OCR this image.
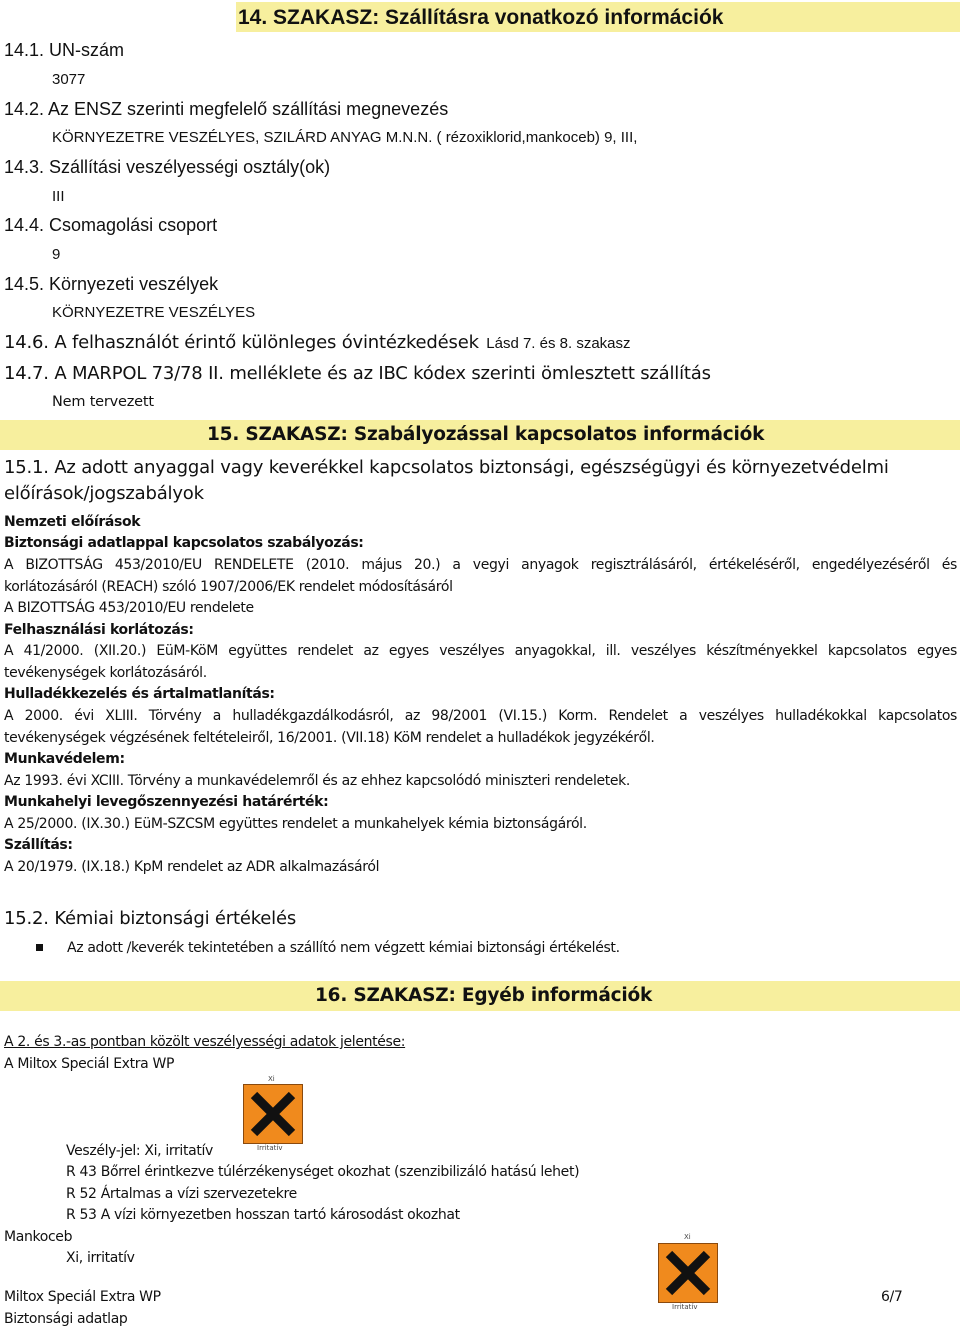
14. SZAKASZ: Szállításra vonatkozó információk
14.1. UN-szám
3077
14.2. Az ENSZ szerinti megfelelő szállítási megnevezés
KÖRNYEZETRE VESZÉLYES, SZILÁRD ANYAG M.N.N. ( rézoxiklorid,mankoceb) 9, III,
14.3. Szállítási veszélyességi osztály(ok)
III
14.4. Csomagolási csoport
9
14.5. Környezeti veszélyek
KÖRNYEZETRE VESZÉLYES
14.6. A felhasználót érintő különleges óvintézkedések Lásd 7. és 8. szakasz
14.7. A MARPOL 73/78 II. melléklete és az IBC kódex szerinti ömlesztett szállítás
Nem tervezett
15. SZAKASZ: Szabályozással kapcsolatos információk
15.1. Az adott anyaggal vagy keverékkel kapcsolatos biztonsági, egészségügyi és környezetvédelmi
előírások/jogszabályok
Nemzeti előírások
Biztonsági adatlappal kapcsolatos szabályozás:
A BIZOTTSÁG 453/2010/EU RENDELETE (2010. május 20.) a vegyi anyagok regisztrálásáról, értékeléséről, engedélyezéséről és
korlátozásáról (REACH) szóló 1907/2006/EK rendelet módosításáról
A BIZOTTSÁG 453/2010/EU rendelete
Felhasználási korlátozás:
A 41/2000. (XII.20.) EüM-KöM együttes rendelet az egyes veszélyes anyagokkal, ill. veszélyes készítményekkel kapcsolatos egyes
tevékenységek korlátozásáról.
Hulladékkezelés és ártalmatlanítás:
A 2000. évi XLIII. Törvény a hulladékgazdálkodásról, az 98/2001 (VI.15.) Korm. Rendelet a veszélyes hulladékokkal kapcsolatos
tevékenységek végzésének feltételeiről, 16/2001. (VII.18) KöM rendelet a hulladékok jegyzékéről.
Munkavédelem:
Az 1993. évi XCIII. Törvény a munkavédelemről és az ehhez kapcsolódó miniszteri rendeletek.
Munkahelyi levegőszennyezési határérték:
A 25/2000. (IX.30.) EüM-SZCSM együttes rendelet a munkahelyek kémia biztonságáról.
Szállítás:
A 20/1979. (IX.18.) KpM rendelet az ADR alkalmazásáról
15.2. Kémiai biztonsági értékelés
Az adott /keverék tekintetében a szállító nem végzett kémiai biztonsági értékelést.
16. SZAKASZ: Egyéb információk
A 2. és 3.-as pontban közölt veszélyességi adatok jelentése:
A Miltox Speciál Extra WP
Xi
Irritatív
Veszély-jel: Xi, irritatív
R 43 Bőrrel érintkezve túlérzékenységet okozhat (szenzibilizáló hatású lehet)
R 52 Ártalmas a vízi szervezetekre
R 53 A vízi környezetben hosszan tartó károsodást okozhat
Mankoceb
Xi, irritatív
Xi
Irritatív
Miltox Speciál Extra WP
Biztonsági adatlap
6/7
